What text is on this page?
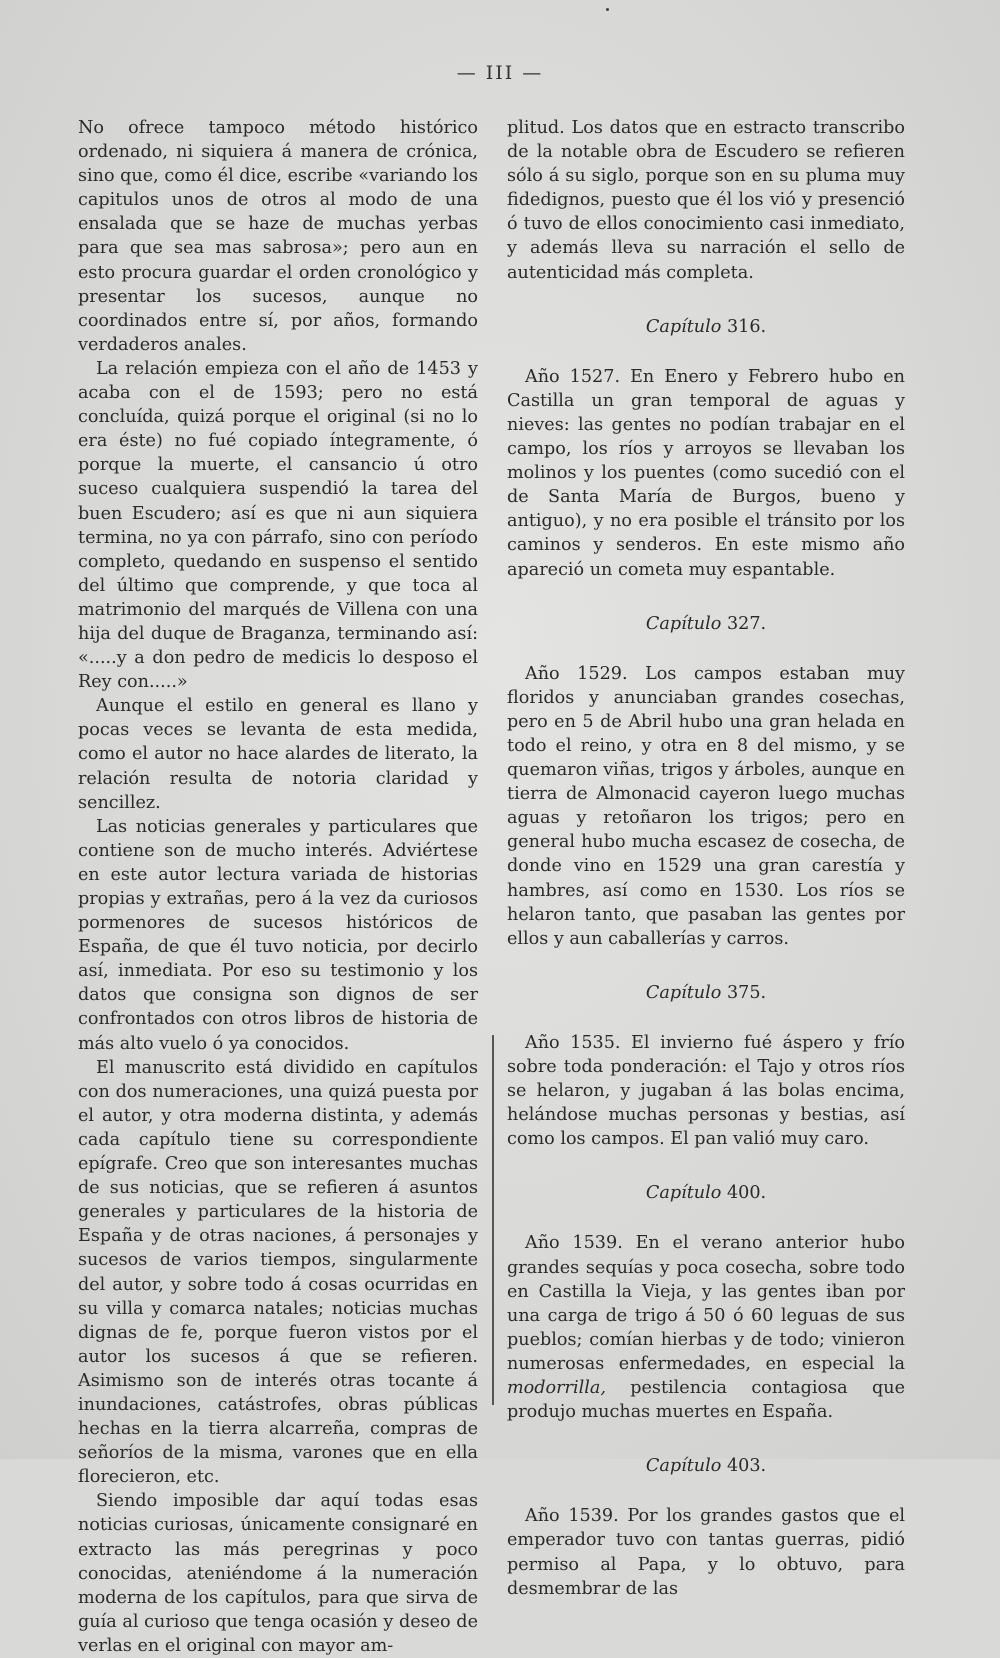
— III —

No ofrece tampoco método histórico ordenado, ni siquiera á manera de crónica, sino que, como él dice, escribe «variando los capitulos unos de otros al modo de una ensalada que se haze de muchas yerbas para que sea mas sabrosa»; pero aun en esto procura guardar el orden cronológico y presentar los sucesos, aunque no coordinados entre sí, por años, formando verdaderos anales.

La relación empieza con el año de 1453 y acaba con el de 1593; pero no está concluída, quizá porque el original (si no lo era éste) no fué copiado íntegramente, ó porque la muerte, el cansancio ú otro suceso cualquiera suspendió la tarea del buen Escudero; así es que ni aun siquiera termina, no ya con párrafo, sino con período completo, quedando en suspenso el sentido del último que comprende, y que toca al matrimonio del marqués de Villena con una hija del duque de Braganza, terminando así: «.....y a don pedro de medicis lo desposo el Rey con.....»

Aunque el estilo en general es llano y pocas veces se levanta de esta medida, como el autor no hace alardes de literato, la relación resulta de notoria claridad y sencillez.

Las noticias generales y particulares que contiene son de mucho interés. Adviértese en este autor lectura variada de historias propias y extrañas, pero á la vez da curiosos pormenores de sucesos históricos de España, de que él tuvo noticia, por decirlo así, inmediata. Por eso su testimonio y los datos que consigna son dignos de ser confrontados con otros libros de historia de más alto vuelo ó ya conocidos.

El manuscrito está dividido en capítulos con dos numeraciones, una quizá puesta por el autor, y otra moderna distinta, y además cada capítulo tiene su correspondiente epígrafe. Creo que son interesantes muchas de sus noticias, que se refieren á asuntos generales y particulares de la historia de España y de otras naciones, á personajes y sucesos de varios tiempos, singularmente del autor, y sobre todo á cosas ocurridas en su villa y comarca natales; noticias muchas dignas de fe, porque fueron vistos por el autor los sucesos á que se refieren. Asimismo son de interés otras tocante á inundaciones, catástrofes, obras públicas hechas en la tierra alcarreña, compras de señoríos de la misma, varones que en ella florecieron, etc.

Siendo imposible dar aquí todas esas noticias curiosas, únicamente consignaré en extracto las más peregrinas y poco conocidas, ateniéndome á la numeración moderna de los capítulos, para que sirva de guía al curioso que tenga ocasión y deseo de verlas en el original con mayor am-

plitud. Los datos que en estracto transcribo de la notable obra de Escudero se refieren sólo á su siglo, porque son en su pluma muy fidedignos, puesto que él los vió y presenció ó tuvo de ellos conocimiento casi inmediato, y además lleva su narración el sello de autenticidad más completa.

Capítulo 316.

Año 1527. En Enero y Febrero hubo en Castilla un gran temporal de aguas y nieves: las gentes no podían trabajar en el campo, los ríos y arroyos se llevaban los molinos y los puentes (como sucedió con el de Santa María de Burgos, bueno y antiguo), y no era posible el tránsito por los caminos y senderos. En este mismo año apareció un cometa muy espantable.

Capítulo 327.

Año 1529. Los campos estaban muy floridos y anunciaban grandes cosechas, pero en 5 de Abril hubo una gran helada en todo el reino, y otra en 8 del mismo, y se quemaron viñas, trigos y árboles, aunque en tierra de Almonacid cayeron luego muchas aguas y retoñaron los trigos; pero en general hubo mucha escasez de cosecha, de donde vino en 1529 una gran carestía y hambres, así como en 1530. Los ríos se helaron tanto, que pasaban las gentes por ellos y aun caballerías y carros.

Capítulo 375.

Año 1535. El invierno fué áspero y frío sobre toda ponderación: el Tajo y otros ríos se helaron, y jugaban á las bolas encima, helándose muchas personas y bestias, así como los campos. El pan valió muy caro.

Capítulo 400.

Año 1539. En el verano anterior hubo grandes sequías y poca cosecha, sobre todo en Castilla la Vieja, y las gentes iban por una carga de trigo á 50 ó 60 leguas de sus pueblos; comían hierbas y de todo; vinieron numerosas enfermedades, en especial la modorrilla, pestilencia contagiosa que produjo muchas muertes en España.

Capítulo 403.

Año 1539. Por los grandes gastos que el emperador tuvo con tantas guerras, pidió permiso al Papa, y lo obtuvo, para desmembrar de las
